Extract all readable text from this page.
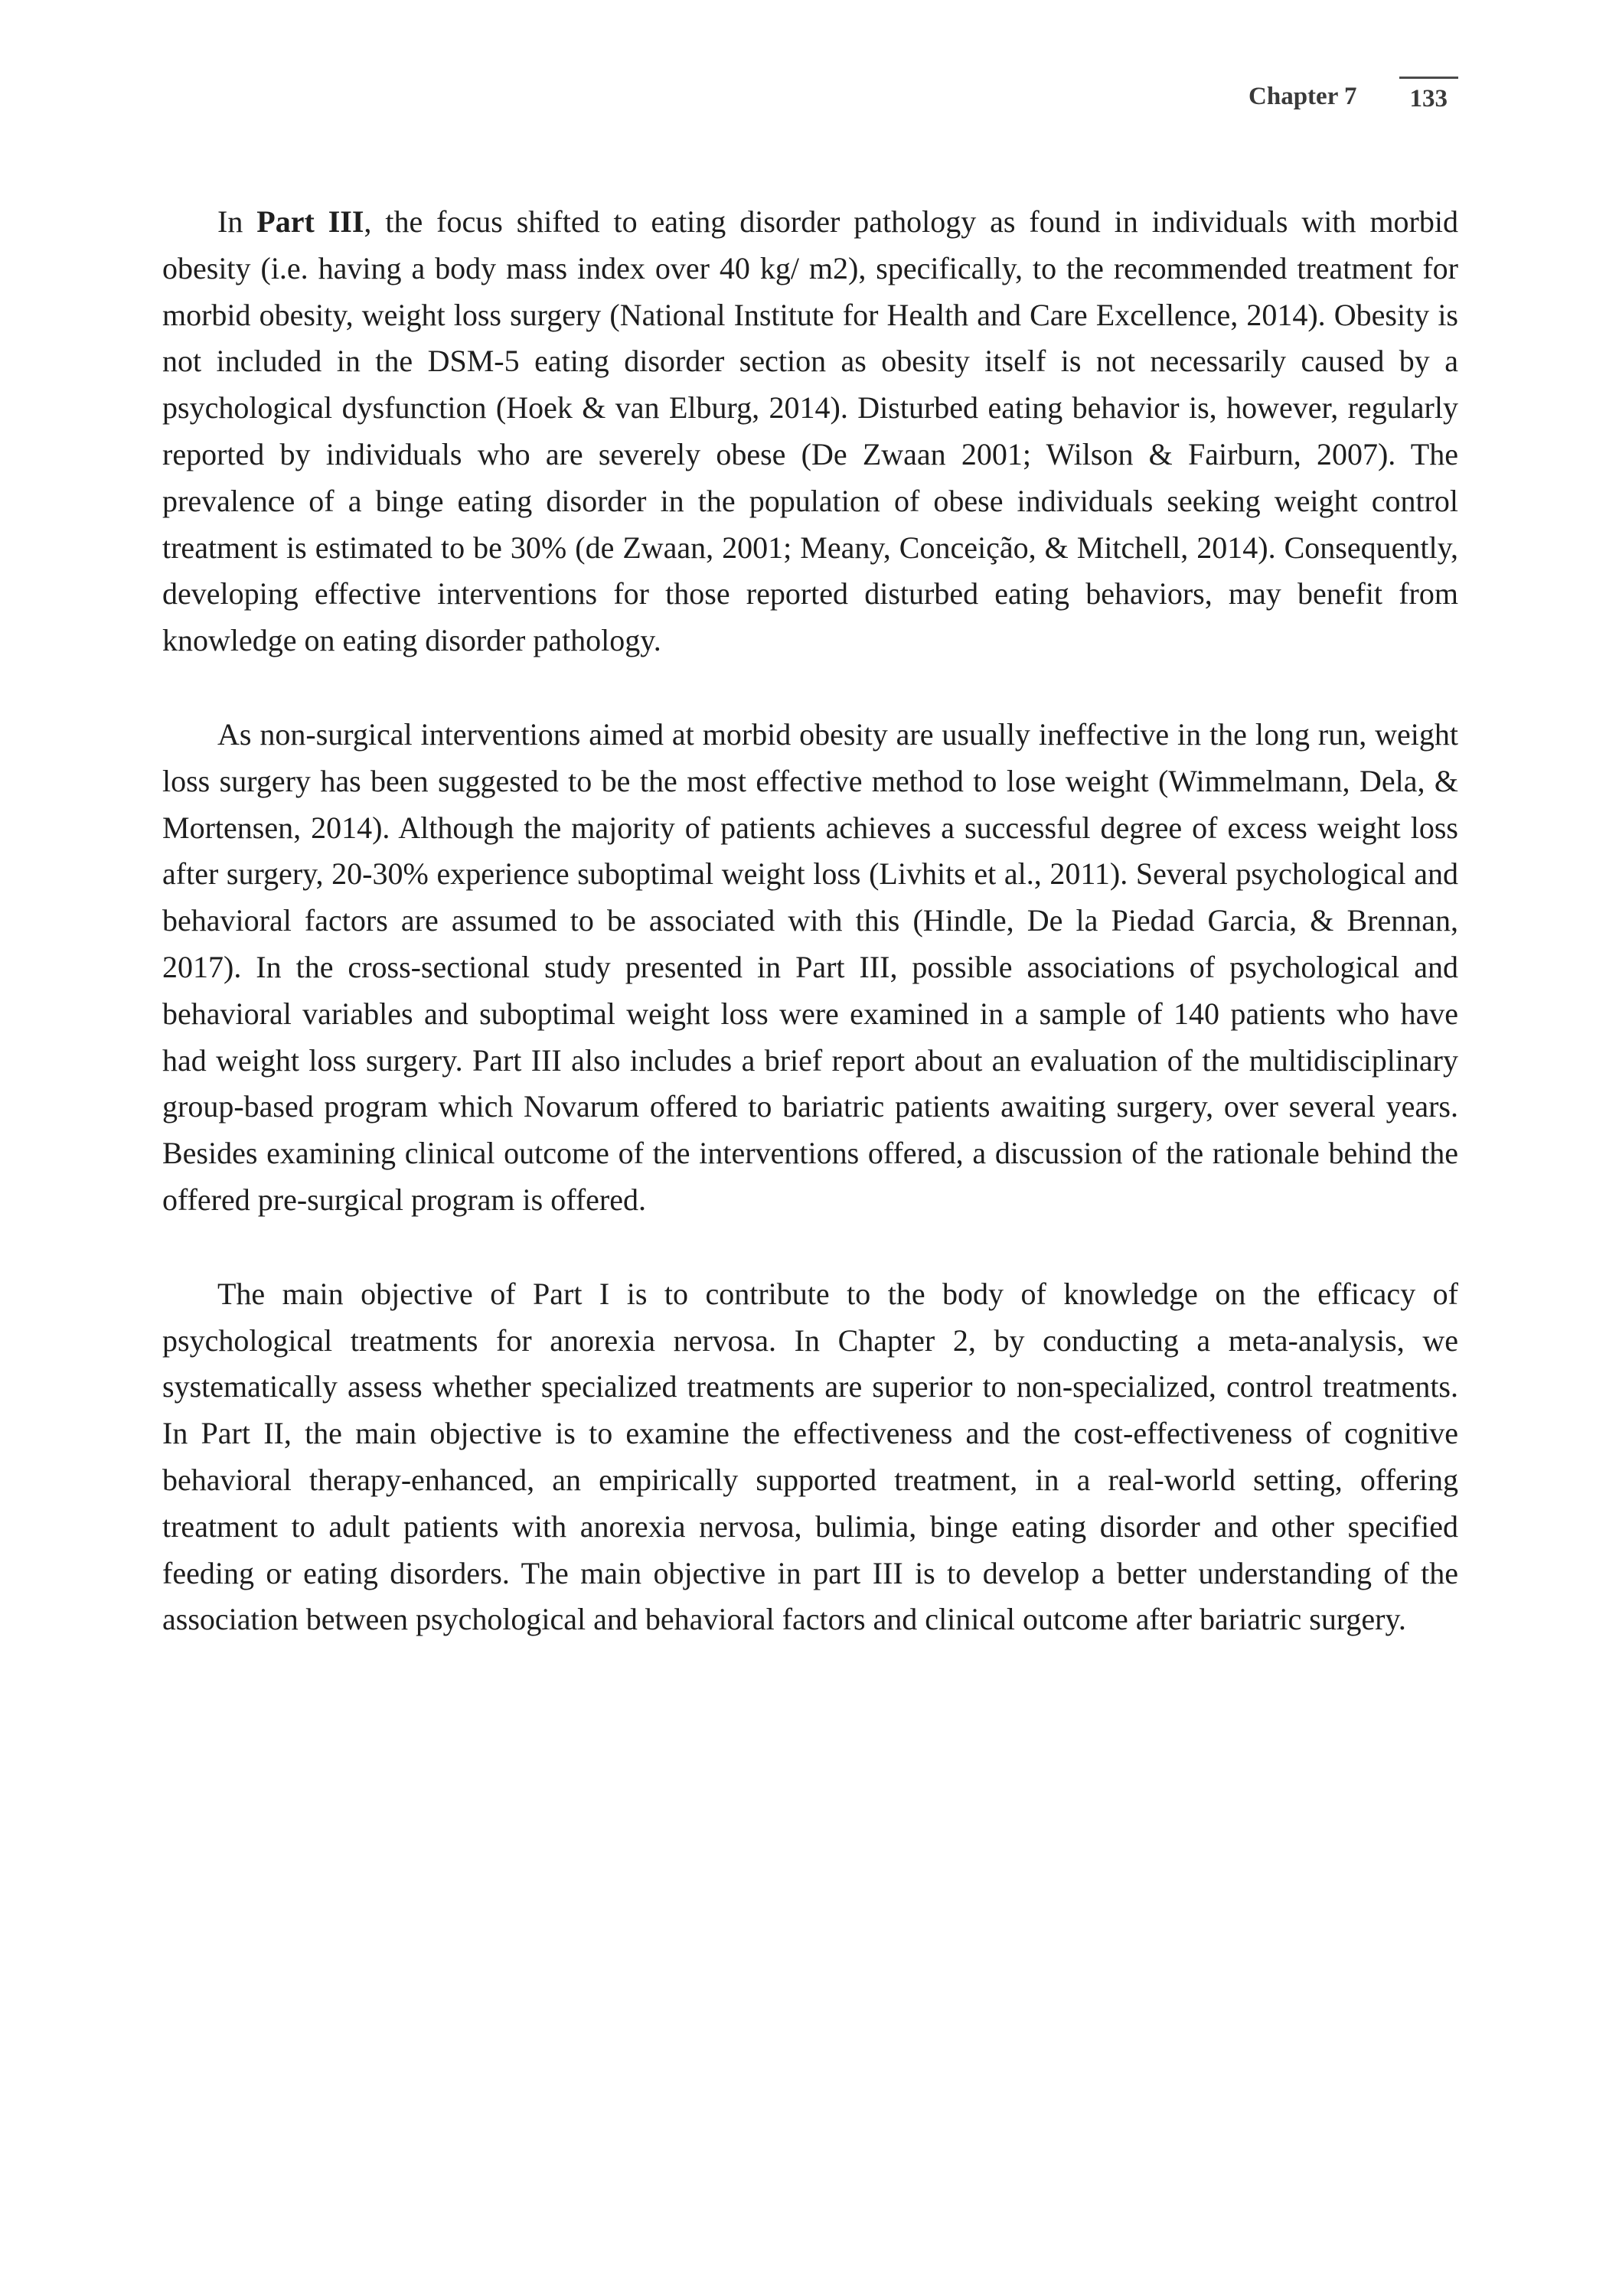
Chapter 7	133

In Part III, the focus shifted to eating disorder pathology as found in individuals with morbid obesity (i.e. having a body mass index over 40 kg/ m2), specifically, to the recommended treatment for morbid obesity, weight loss surgery (National Institute for Health and Care Excellence, 2014). Obesity is not included in the DSM-5 eating disorder section as obesity itself is not necessarily caused by a psychological dysfunction (Hoek & van Elburg, 2014). Disturbed eating behavior is, however, regularly reported by individuals who are severely obese (De Zwaan 2001; Wilson & Fairburn, 2007). The prevalence of a binge eating disorder in the population of obese individuals seeking weight control treatment is estimated to be 30% (de Zwaan, 2001; Meany, Conceição, & Mitchell, 2014). Consequently, developing effective interventions for those reported disturbed eating behaviors, may benefit from knowledge on eating disorder pathology.

As non-surgical interventions aimed at morbid obesity are usually ineffective in the long run, weight loss surgery has been suggested to be the most effective method to lose weight (Wimmelmann, Dela, & Mortensen, 2014). Although the majority of patients achieves a successful degree of excess weight loss after surgery, 20-30% experience suboptimal weight loss (Livhits et al., 2011). Several psychological and behavioral factors are assumed to be associated with this (Hindle, De la Piedad Garcia, & Brennan, 2017). In the cross-sectional study presented in Part III, possible associations of psychological and behavioral variables and suboptimal weight loss were examined in a sample of 140 patients who have had weight loss surgery. Part III also includes a brief report about an evaluation of the multidisciplinary group-based program which Novarum offered to bariatric patients awaiting surgery, over several years. Besides examining clinical outcome of the interventions offered, a discussion of the rationale behind the offered pre-surgical program is offered.

The main objective of Part I is to contribute to the body of knowledge on the efficacy of psychological treatments for anorexia nervosa. In Chapter 2, by conducting a meta-analysis, we systematically assess whether specialized treatments are superior to non-specialized, control treatments. In Part II, the main objective is to examine the effectiveness and the cost-effectiveness of cognitive behavioral therapy-enhanced, an empirically supported treatment, in a real-world setting, offering treatment to adult patients with anorexia nervosa, bulimia, binge eating disorder and other specified feeding or eating disorders. The main objective in part III is to develop a better understanding of the association between psychological and behavioral factors and clinical outcome after bariatric surgery.
